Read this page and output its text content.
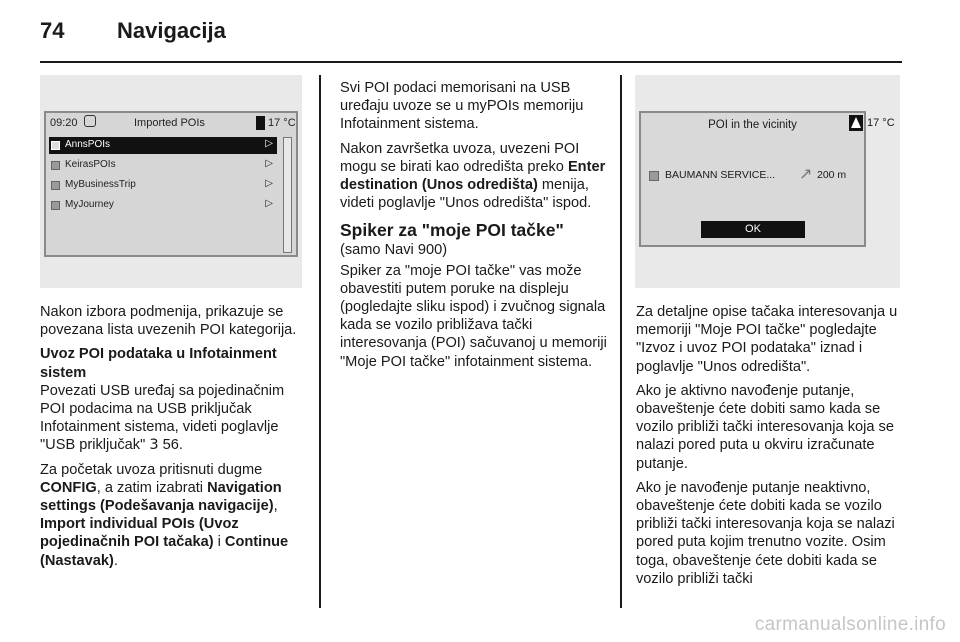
74 Navigacija
09:20	Imported POIs	17 °C
AnnsPOIs	▷
KeirasPOIs	▷
MyBusinessTrip	▷
MyJourney	▷

Nakon izbora podmenija, prikazuje se povezana lista uvezenih POI kategorija.

Uvoz POI podataka u Infotainment sistem

Povezati USB uređaj sa pojedinačnim POI podacima na USB priključak Infotainment sistema, videti poglavlje "USB priključak" 3 56.

Za početak uvoza pritisnuti dugme CONFIG, a zatim izabrati Navigation settings (Podešavanja navigacije), Import individual POIs (Uvoz pojedinačnih POI tačaka) i Continue (Nastavak).

Svi POI podaci memorisani na USB uređaju uvoze se u myPOIs memoriju Infotainment sistema.

Nakon završetka uvoza, uvezeni POI mogu se birati kao odredišta preko Enter destination (Unos odredišta) menija, videti poglavlje "Unos odredišta" ispod.

Spiker za "moje POI tačke"

(samo Navi 900)

Spiker za "moje POI tačke" vas može obavestiti putem poruke na displeju (pogledajte sliku ispod) i zvučnog signala kada se vozilo približava tački interesovanja (POI) sačuvanoj u memoriji "Moje POI tačke" infotainment sistema.

POI in the vicinity
BAUMANN SERVICE... ↗ 200 m
OK
17 °C

Za detaljne opise tačaka interesovanja u memoriji "Moje POI tačke" pogledajte "Izvoz i uvoz POI podataka" iznad i poglavlje "Unos odredišta".

Ako je aktivno navođenje putanje, obaveštenje ćete dobiti samo kada se vozilo približi tački interesovanja koja se nalazi pored puta u okviru izračunate putanje.

Ako je navođenje putanje neaktivno, obaveštenje ćete dobiti kada se vozilo približi tački interesovanja koja se nalazi pored puta kojim trenutno vozite. Osim toga, obaveštenje ćete dobiti kada se vozilo približi tački

carmanualsonline.info
